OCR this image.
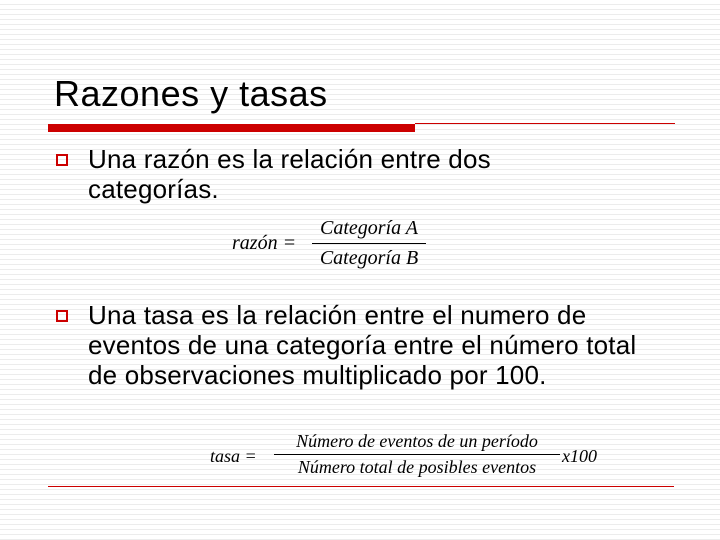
Razones y tasas
Una razón es la relación entre dos categorías.
razón =
Categoría A
Categoría B
Una tasa es la relación entre el numero de eventos de una categoría entre el número total de observaciones multiplicado por 100.
tasa =
Número de eventos de un período
Número total de posibles eventos
x100
